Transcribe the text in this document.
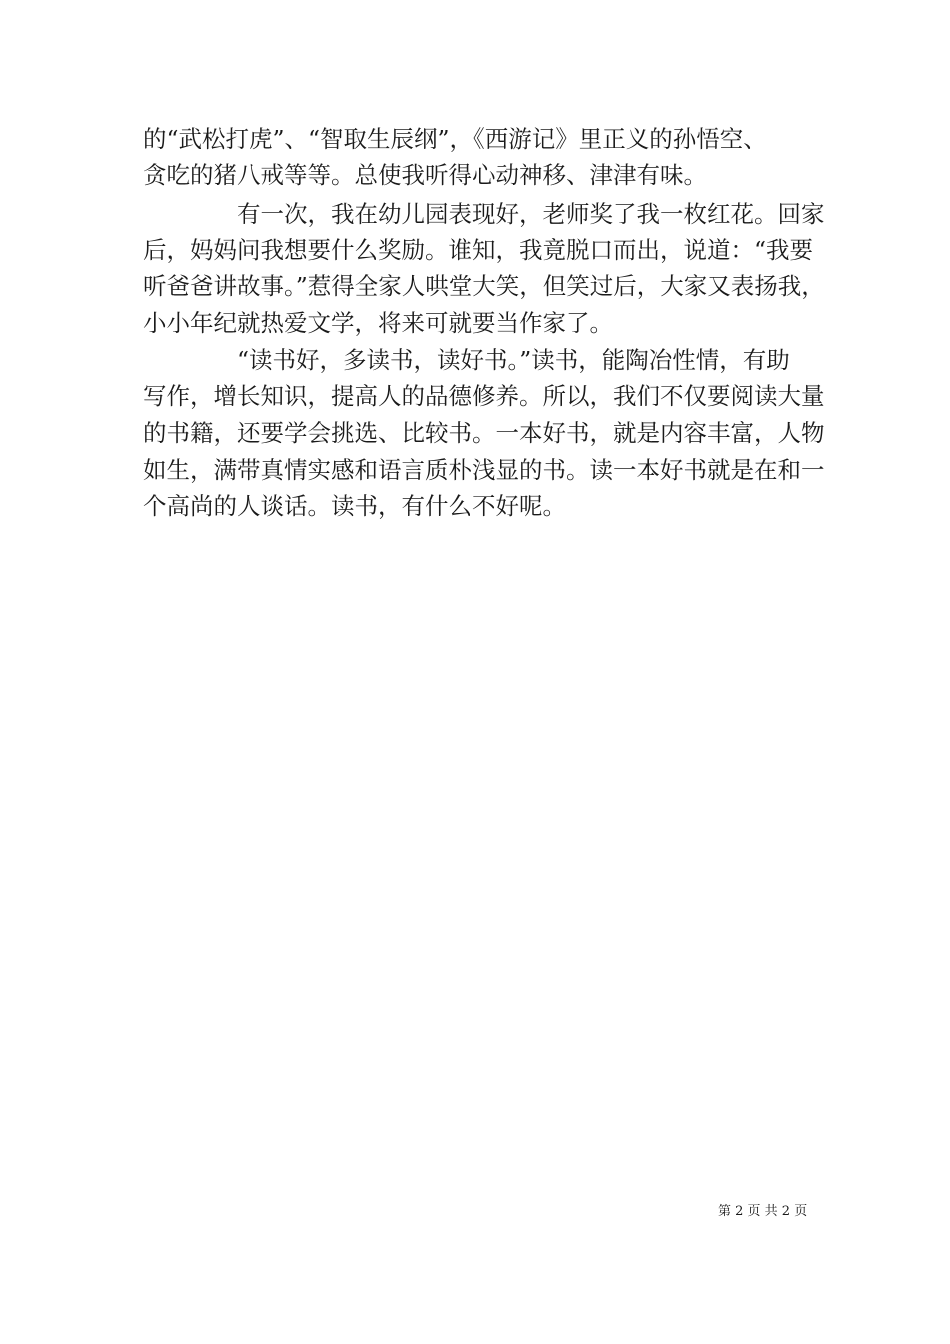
的“武松打虎”、“智取生辰纲”，《西游记》里正义的孙悟空、
贪吃的猪八戒等等。总使我听得心动神移、津津有味。
　　　　有一次，我在幼儿园表现好，老师奖了我一枚红花。回家
后，妈妈问我想要什么奖励。谁知，我竟脱口而出，说道：“我要
听爸爸讲故事。”惹得全家人哄堂大笑，但笑过后，大家又表扬我，
小小年纪就热爱文学，将来可就要当作家了。
　　　　“读书好，多读书，读好书。”读书，能陶冶性情，有助
写作，增长知识，提高人的品德修养。所以，我们不仅要阅读大量
的书籍，还要学会挑选、比较书。一本好书，就是内容丰富，人物
如生，满带真情实感和语言质朴浅显的书。读一本好书就是在和一
个高尚的人谈话。读书，有什么不好呢。
第 2 页 共 2 页
